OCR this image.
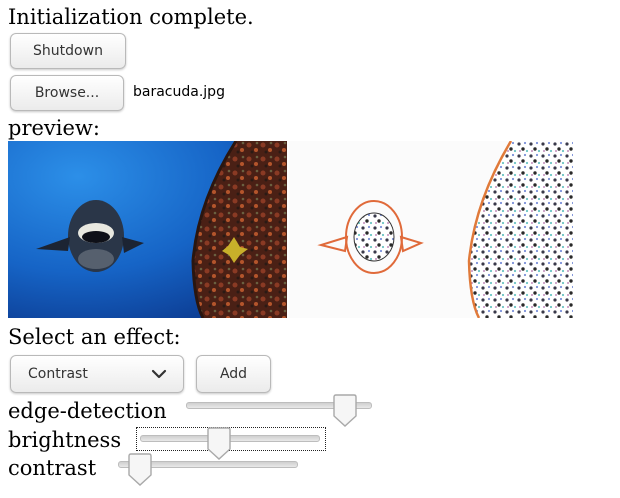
Initialization complete.
Shutdown
Browse...	baracuda.jpg
preview:
Select an effect:
Contrast	Add
edge-detection
brightness
contrast
